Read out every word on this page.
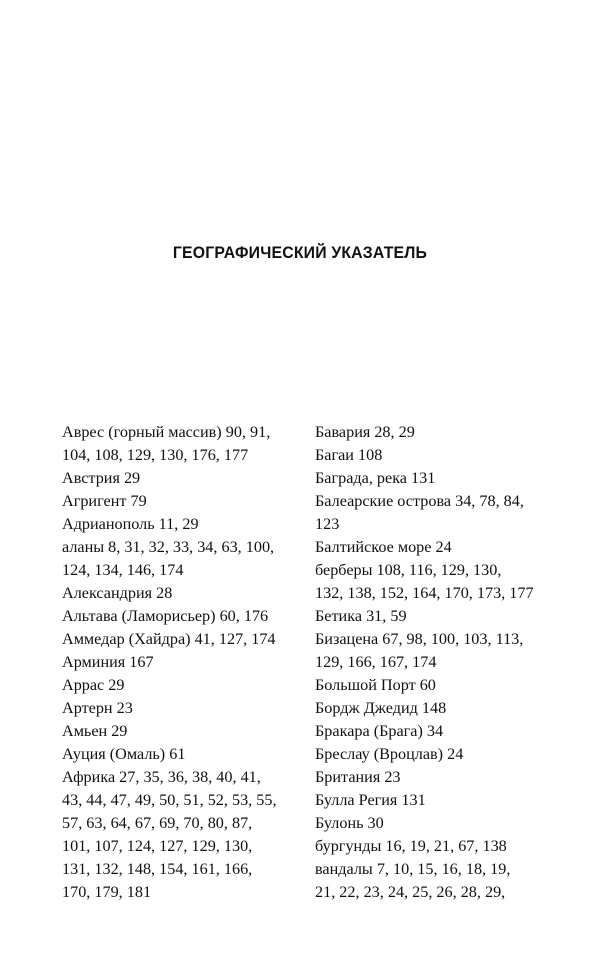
ГЕОГРАФИЧЕСКИЙ УКАЗАТЕЛЬ
Аврес (горный массив) 90, 91,
104, 108, 129, 130, 176, 177
Австрия 29
Агригент 79
Адрианополь 11, 29
аланы 8, 31, 32, 33, 34, 63, 100,
124, 134, 146, 174
Александрия 28
Альтава (Ламорисьер) 60, 176
Аммедар (Хайдра) 41, 127, 174
Арминия 167
Аррас 29
Артерн 23
Амьен 29
Ауция (Омаль) 61
Африка 27, 35, 36, 38, 40, 41,
43, 44, 47, 49, 50, 51, 52, 53, 55,
57, 63, 64, 67, 69, 70, 80, 87,
101, 107, 124, 127, 129, 130,
131, 132, 148, 154, 161, 166,
170, 179, 181
Бавария 28, 29
Багаи 108
Баграда, река 131
Балеарские острова 34, 78, 84,
123
Балтийское море 24
берберы 108, 116, 129, 130,
132, 138, 152, 164, 170, 173, 177
Бетика 31, 59
Бизацена 67, 98, 100, 103, 113,
129, 166, 167, 174
Большой Порт 60
Бордж Джедид 148
Бракара (Брага) 34
Бреслау (Вроцлав) 24
Британия 23
Булла Регия 131
Булонь 30
бургунды 16, 19, 21, 67, 138
вандалы 7, 10, 15, 16, 18, 19,
21, 22, 23, 24, 25, 26, 28, 29,
